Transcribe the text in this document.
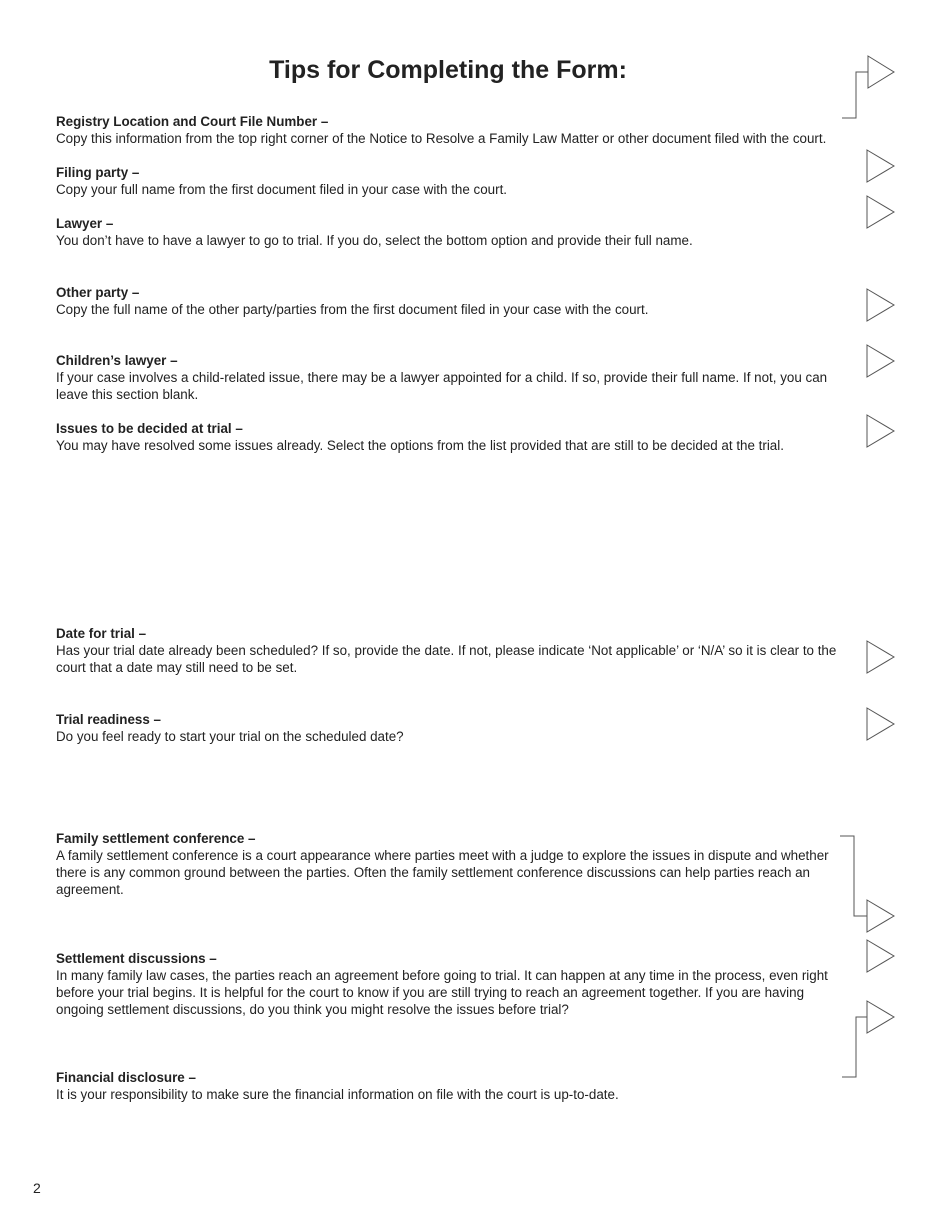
Tips for Completing the Form:
Registry Location and Court File Number –
Copy this information from the top right corner of the Notice to Resolve a Family Law Matter or other document filed with the court.
Filing party –
Copy your full name from the first document filed in your case with the court.
Lawyer –
You don’t have to have a lawyer to go to trial. If you do, select the bottom option and provide their full name.
Other party –
Copy the full name of the other party/parties from the first document filed in your case with the court.
Children’s lawyer –
If your case involves a child-related issue, there may be a lawyer appointed for a child. If so, provide their full name. If not, you can leave this section blank.
Issues to be decided at trial –
You may have resolved some issues already. Select the options from the list provided that are still to be decided at the trial.
Date for trial –
Has your trial date already been scheduled? If so, provide the date. If not, please indicate ‘Not applicable’ or ‘N/A’ so it is clear to the court that a date may still need to be set.
Trial readiness –
Do you feel ready to start your trial on the scheduled date?
Family settlement conference –
A family settlement conference is a court appearance where parties meet with a judge to explore the issues in dispute and whether there is any common ground between the parties. Often the family settlement conference discussions can help parties reach an agreement.
Settlement discussions –
In many family law cases, the parties reach an agreement before going to trial. It can happen at any time in the process, even right before your trial begins. It is helpful for the court to know if you are still trying to reach an agreement together. If you are having ongoing settlement discussions, do you think you might resolve the issues before trial?
Financial disclosure –
It is your responsibility to make sure the financial information on file with the court is up-to-date.
2
